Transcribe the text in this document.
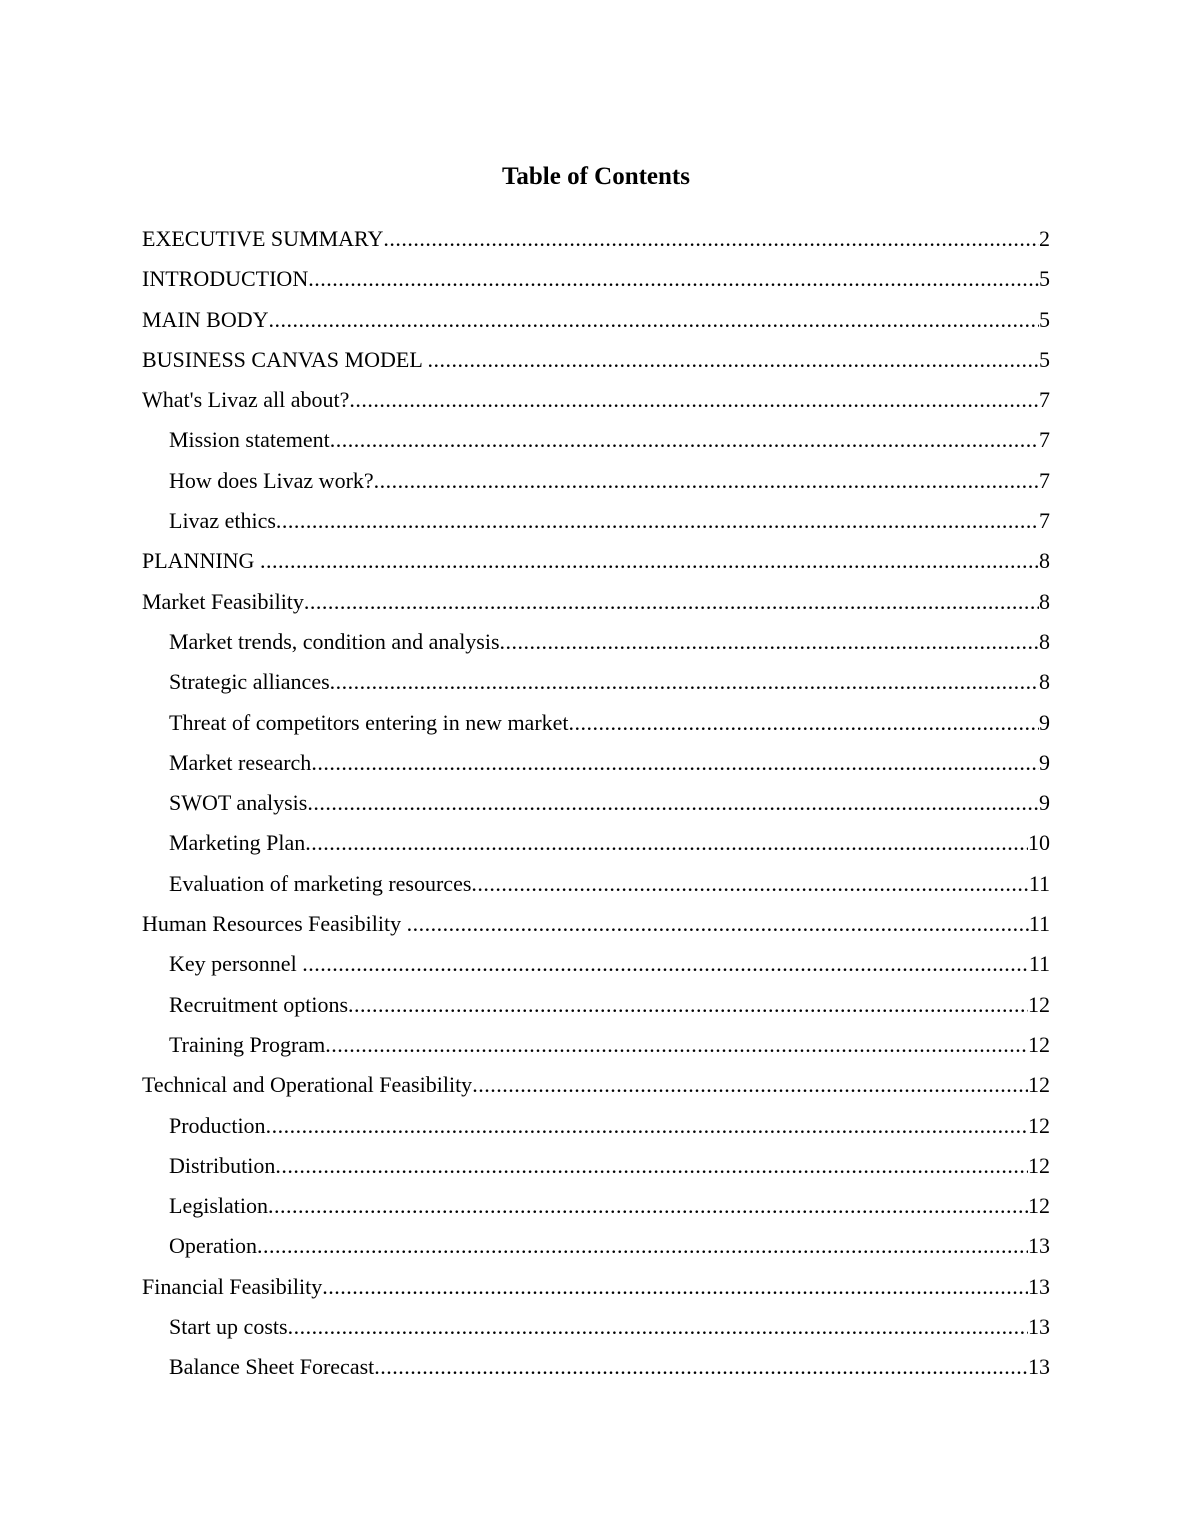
Table of Contents
EXECUTIVE SUMMARY .....	2
INTRODUCTION .....	5
MAIN BODY .....	5
BUSINESS CANVAS MODEL .....	5
What's Livaz all about? .....	7
Mission statement .....	7
How does Livaz work? .....	7
Livaz ethics .....	7
PLANNING .....	8
Market Feasibility .....	8
Market trends, condition and analysis .....	8
Strategic alliances .....	8
Threat of competitors entering in new market .....	9
Market research .....	9
SWOT analysis .....	9
Marketing Plan .....	10
Evaluation of marketing resources .....	11
Human Resources Feasibility .....	11
Key personnel .....	11
Recruitment options .....	12
Training Program .....	12
Technical and Operational Feasibility .....	12
Production .....	12
Distribution .....	12
Legislation .....	12
Operation .....	13
Financial Feasibility .....	13
Start up costs .....	13
Balance Sheet Forecast .....	13
